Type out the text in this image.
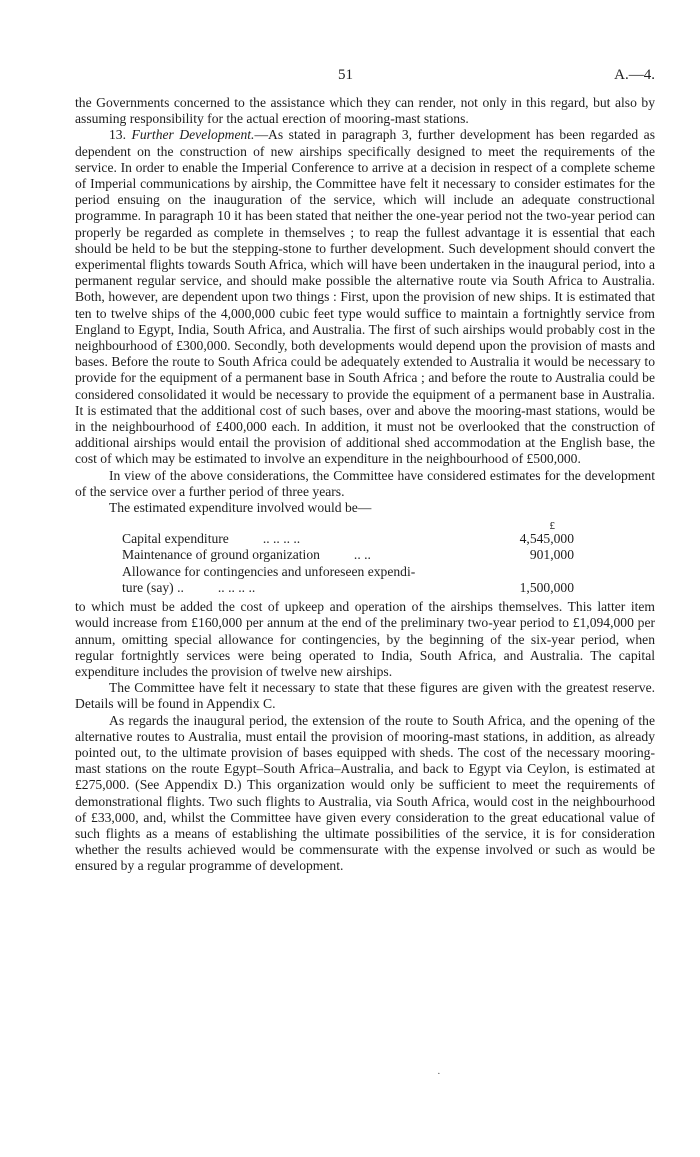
51	A.—4.

the Governments concerned to the assistance which they can render, not only in this regard, but also by assuming responsibility for the actual erection of mooring-mast stations.

13. Further Development.—As stated in paragraph 3, further development has been regarded as dependent on the construction of new airships specifically designed to meet the requirements of the service. In order to enable the Imperial Conference to arrive at a decision in respect of a complete scheme of Imperial communications by airship, the Committee have felt it necessary to consider estimates for the period ensuing on the inauguration of the service, which will include an adequate constructional programme. In paragraph 10 it has been stated that neither the one-year period not the two-year period can properly be regarded as complete in themselves ; to reap the fullest advantage it is essential that each should be held to be but the stepping-stone to further development. Such development should convert the experimental flights towards South Africa, which will have been undertaken in the inaugural period, into a permanent regular service, and should make possible the alternative route via South Africa to Australia. Both, however, are dependent upon two things : First, upon the provision of new ships. It is estimated that ten to twelve ships of the 4,000,000 cubic feet type would suffice to maintain a fortnightly service from England to Egypt, India, South Africa, and Australia. The first of such airships would probably cost in the neighbourhood of £300,000. Secondly, both developments would depend upon the provision of masts and bases. Before the route to South Africa could be adequately extended to Australia it would be necessary to provide for the equipment of a permanent base in South Africa ; and before the route to Australia could be considered consolidated it would be necessary to provide the equipment of a permanent base in Australia. It is estimated that the additional cost of such bases, over and above the mooring-mast stations, would be in the neighbourhood of £400,000 each. In addition, it must not be overlooked that the construction of additional airships would entail the provision of additional shed accommodation at the English base, the cost of which may be estimated to involve an expenditure in the neighbourhood of £500,000.

In view of the above considerations, the Committee have considered estimates for the development of the service over a further period of three years.

The estimated expenditure involved would be—

£
Capital expenditure .. .. .. ..	4,545,000
Maintenance of ground organization .. ..	901,000
Allowance for contingencies and unforeseen expendi-	
ture (say) .. .. .. .. ..	1,500,000

to which must be added the cost of upkeep and operation of the airships themselves. This latter item would increase from £160,000 per annum at the end of the preliminary two-year period to £1,094,000 per annum, omitting special allowance for contingencies, by the beginning of the six-year period, when regular fortnightly services were being operated to India, South Africa, and Australia. The capital expenditure includes the provision of twelve new airships.

The Committee have felt it necessary to state that these figures are given with the greatest reserve. Details will be found in Appendix C.

As regards the inaugural period, the extension of the route to South Africa, and the opening of the alternative routes to Australia, must entail the provision of mooring-mast stations, in addition, as already pointed out, to the ultimate provision of bases equipped with sheds. The cost of the necessary mooring-mast stations on the route Egypt–South Africa–Australia, and back to Egypt via Ceylon, is estimated at £275,000. (See Appendix D.) This organization would only be sufficient to meet the requirements of demonstrational flights. Two such flights to Australia, via South Africa, would cost in the neighbourhood of £33,000, and, whilst the Committee have given every consideration to the great educational value of such flights as a means of establishing the ultimate possibilities of the service, it is for consideration whether the results achieved would be commensurate with the expense involved or such as would be ensured by a regular programme of development.

·
